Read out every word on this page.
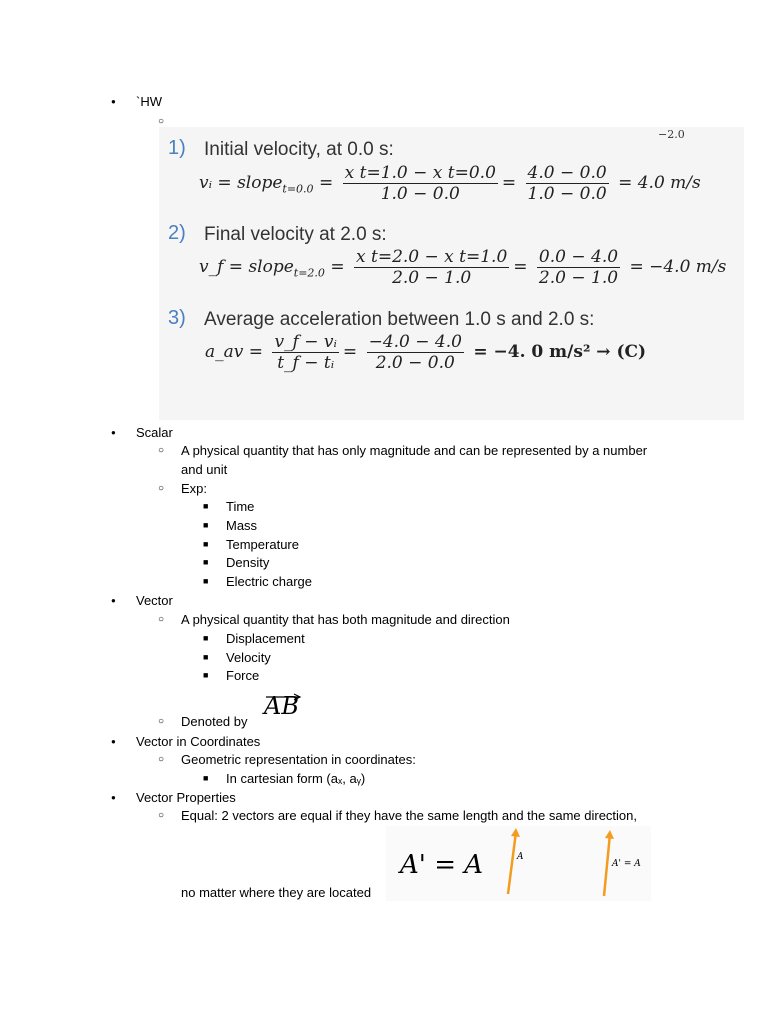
● `HW
1) Initial velocity, at 0.0 s:
vᵢ = slope$_{t=0.0}$ = $\frac{\text{x t=1.0 − x t=0.0}}{1.0 - 0.0} = \frac{4.0 - 0.0}{1.0 - 0.0} = 4.0$ m/s
2) Final velocity at 2.0 s:
v_f = slope$_{t=2.0}$ = $\frac{\text{x t=2.0 − x t=1.0}}{2.0 - 1.0} = \frac{0.0 - 4.0}{2.0 - 1.0} = -4.0$ m/s
3) Average acceleration between 1.0 s and 2.0 s:
a_av = $\frac{\text{v\_f − vᵢ}}{\text{t\_f − tᵢ}} = \frac{-4.0 - 4.0}{2.0 - 0.0} = -4$. 0 m/s² → (C)
−2.0
● Scalar
○ A physical quantity that has only magnitude and can be represented by a number
and unit
○ Exp:
■ Time
■ Mass
■ Temperature
■ Density
■ Electric charge
● Vector
○ A physical quantity that has both magnitude and direction
■ Displacement
■ Velocity
■ Force
○ Denoted by
AB
● Vector in Coordinates
○ Geometric representation in coordinates:
■ In cartesian form (aₓ, aᵧ)
● Vector Properties
○ Equal: 2 vectors are equal if they have the same length and the same direction,
no matter where they are located
A' = A	A
A' = A
